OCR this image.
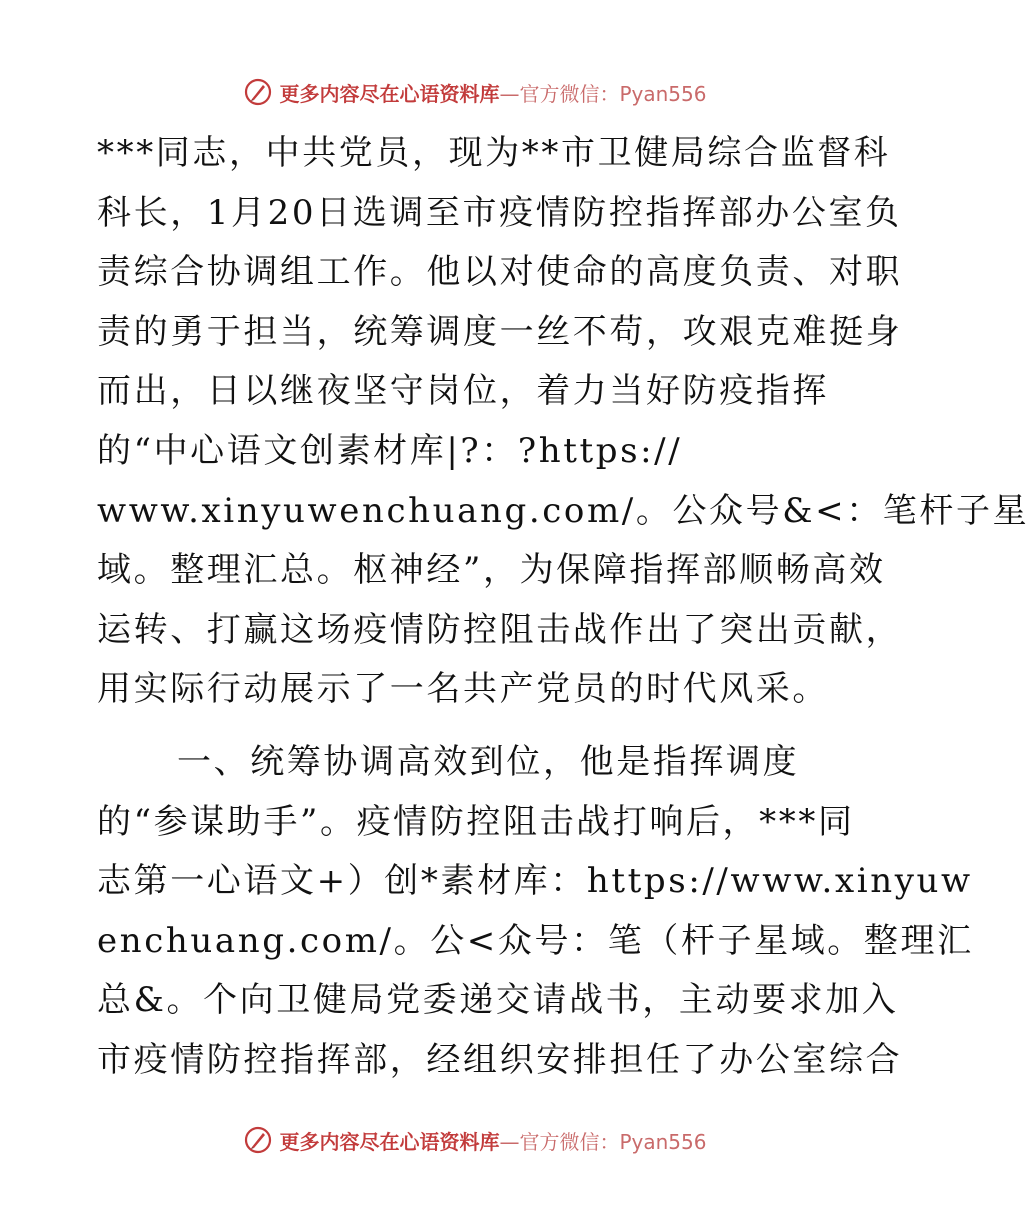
更多内容尽在心语资料库 —官方微信：Pyan556
***同志，中共党员，现为**市卫健局综合监督科
科长，1月20日选调至市疫情防控指挥部办公室负
责综合协调组工作。他以对使命的高度负责、对职
责的勇于担当，统筹调度一丝不苟，攻艰克难挺身
而出，日以继夜坚守岗位，着力当好防疫指挥
的“中心语文创素材库|?：?https://
www.xinyuwenchuang.com/。公众号&<：笔杆子星
域。整理汇总。枢神经”，为保障指挥部顺畅高效
运转、打赢这场疫情防控阻击战作出了突出贡献，
用实际行动展示了一名共产党员的时代风采。
一、统筹协调高效到位，他是指挥调度
的“参谋助手”。疫情防控阻击战打响后，***同
志第一心语文+）创*素材库：https://www.xinyuw
enchuang.com/。公<众号：笔（杆子星域。整理汇
总&。个向卫健局党委递交请战书，主动要求加入
市疫情防控指挥部，经组织安排担任了办公室综合
更多内容尽在心语资料库 —官方微信：Pyan556
